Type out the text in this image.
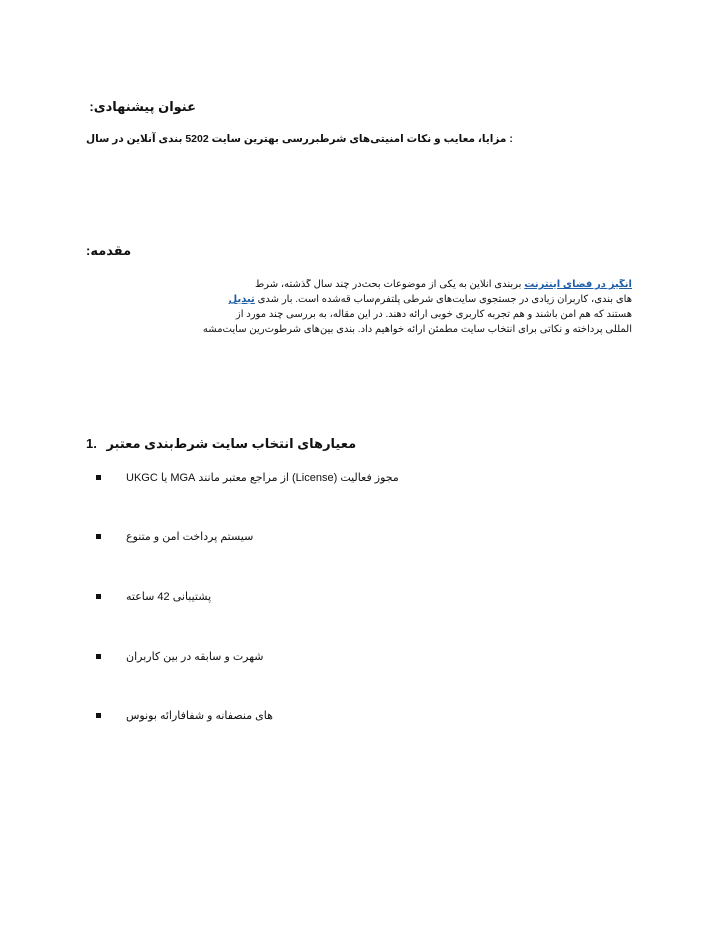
عنوان پیشنهادی:
بندی آنلاین در سال 5202 : مزایا، معایب و نکات امنیتی‌های شرطبررسی بهترین سایت
مقدمه:
انگیز در فضای اینترنت بربندی آنلاین به یکی از موضوعات بحث‌در چند سال گذشته، شرط
های بندی، کاربران زیادی در جستجوی سایت‌های شرطی پلتفرم‌ساب قه‌شده است. بار شدی تبدیل
هستند که هم امن باشند و هم تجربه کاربری خوبی ارائه دهند. در این مقاله، به بررسی چند مورد از
المللی پرداخته و نکاتی برای انتخاب سایت مطمئن ارائه خواهیم داد. بندی بین‌های شرطوت‌رین سایت‌مشه
1. معیارهای انتخاب سایت شرط‌بندی معتبر
مجوز فعالیت (License) از مراجع معتبر مانند MGA یا UKGC
سیستم پرداخت امن و متنوع
پشتیبانی 42 ساعته
شهرت و سابقه در بین کاربران
های منصفانه و شفافارائه بونوس
